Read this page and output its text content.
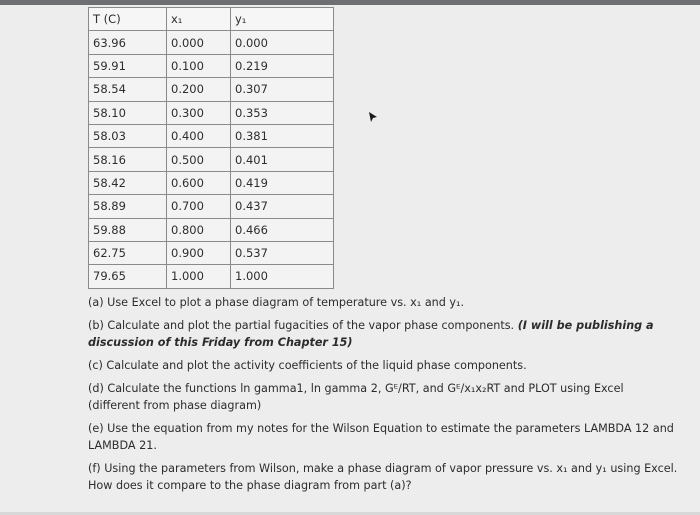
T (C)	x₁	y₁
63.96	0.000	0.000
59.91	0.100	0.219
58.54	0.200	0.307
58.10	0.300	0.353
58.03	0.400	0.381
58.16	0.500	0.401
58.42	0.600	0.419
58.89	0.700	0.437
59.88	0.800	0.466
62.75	0.900	0.537
79.65	1.000	1.000
(a) Use Excel to plot a phase diagram of temperature vs. x₁ and y₁.
(b) Calculate and plot the partial fugacities of the vapor phase components. (I will be publishing a discussion of this Friday from Chapter 15)
(c) Calculate and plot the activity coefficients of the liquid phase components.
(d) Calculate the functions ln gamma1, ln gamma 2, Gᴱ/RT, and Gᴱ/x₁x₂RT and PLOT using Excel (different from phase diagram)
(e) Use the equation from my notes for the Wilson Equation to estimate the parameters LAMBDA 12 and LAMBDA 21.
(f) Using the parameters from Wilson, make a phase diagram of vapor pressure vs. x₁ and y₁ using Excel. How does it compare to the phase diagram from part (a)?
